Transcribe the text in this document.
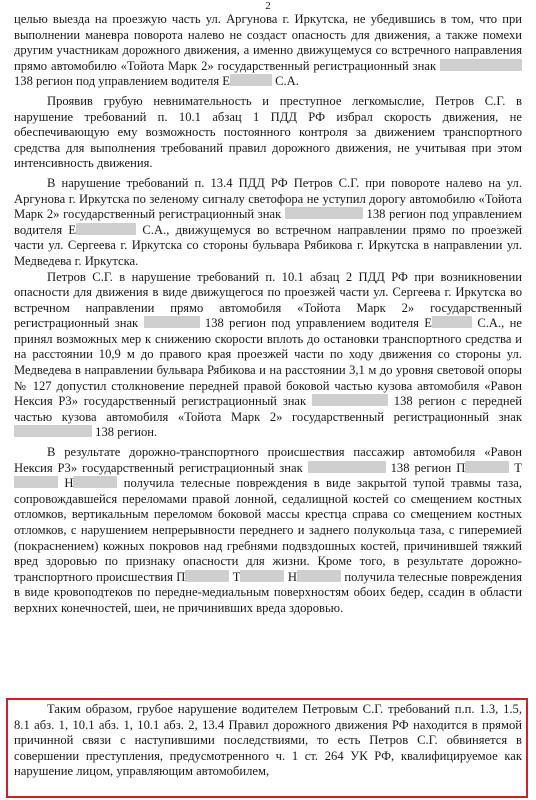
2

целью выезда на проезжую часть ул. Аргунова г. Иркутска, не убедившись в том, что при выполнении маневра поворота налево не создаст опасность для движения, а также помехи другим участникам дорожного движения, а именно движущемуся со встречного направления прямо автомобилю «Тойота Марк 2» государственный регистрационный знак  138 регион под управлением водителя Е	С.А.

Проявив грубую невнимательность и преступное легкомыслие, Петров С.Г. в нарушение требований п. 10.1 абзац 1 ПДД РФ избрал скорость движения, не обеспечивающую ему возможность постоянного контроля за движением транспортного средства для выполнения требований правил дорожного движения, не учитывая при этом интенсивность движения.

В нарушение требований п. 13.4 ПДД РФ Петров С.Г. при повороте налево на ул. Аргунова г. Иркутска по зеленому сигналу светофора не уступил дорогу автомобилю «Тойота Марк 2» государственный регистрационный знак	138 регион под управлением водителя Е	С.А., движущемуся во встречном направлении прямо по проезжей части ул. Сергеева г. Иркутска со стороны бульвара Рябикова г. Иркутска в направлении ул. Медведева г. Иркутска.

Петров С.Г. в нарушение требований п. 10.1 абзац 2 ПДД РФ при возникновении опасности для движения в виде движущегося по проезжей части ул. Сергеева г. Иркутска во встречном направлении прямо автомобиля «Тойота Марк 2» государственный регистрационный знак	138 регион под управлением водителя Е	С.А., не принял возможных мер к снижению скорости вплоть до остановки транспортного средства и на расстоянии 10,9 м до правого края проезжей части по ходу движения со стороны ул. Медведева в направлении бульвара Рябикова и на расстоянии 3,1 м до уровня световой опоры № 127 допустил столкновение передней правой боковой частью кузова автомобиля «Равон Нексия Р3» государственный регистрационный знак	138 регион с передней частью кузова автомобиля «Тойота Марк 2» государственный регистрационный знак  138 регион.

В результате дорожно-транспортного происшествия пассажир автомобиля «Равон Нексия Р3» государственный регистрационный знак	138 регион П	Т Н	получила телесные повреждения в виде закрытой тупой травмы таза, сопровождавшейся переломами правой лонной, седалищной костей со смещением костных отломков, вертикальным переломом боковой массы крестца справа со смещением костных отломков, с нарушением непрерывности переднего и заднего полукольца таза, с гиперемией (покраснением) кожных покровов над гребнями подвздошных костей, причинившей тяжкий вред здоровью по признаку опасности для жизни. Кроме того, в результате дорожно-транспортного происшествия П	Т	Н	получила телесные повреждения в виде кровоподтеков по передне-медиальным поверхностям обоих бедер, ссадин в области верхних конечностей, шеи, не причинивших вреда здоровью.

Таким образом, грубое нарушение водителем Петровым С.Г. требований п.п. 1.3, 1.5, 8.1 абз. 1, 10.1 абз. 1, 10.1 абз. 2, 13.4 Правил дорожного движения РФ находится в прямой причинной связи с наступившими последствиями, то есть Петров С.Г. обвиняется в совершении преступления, предусмотренного ч. 1 ст. 264 УК РФ, квалифицируемое как нарушение лицом, управляющим автомобилем,
